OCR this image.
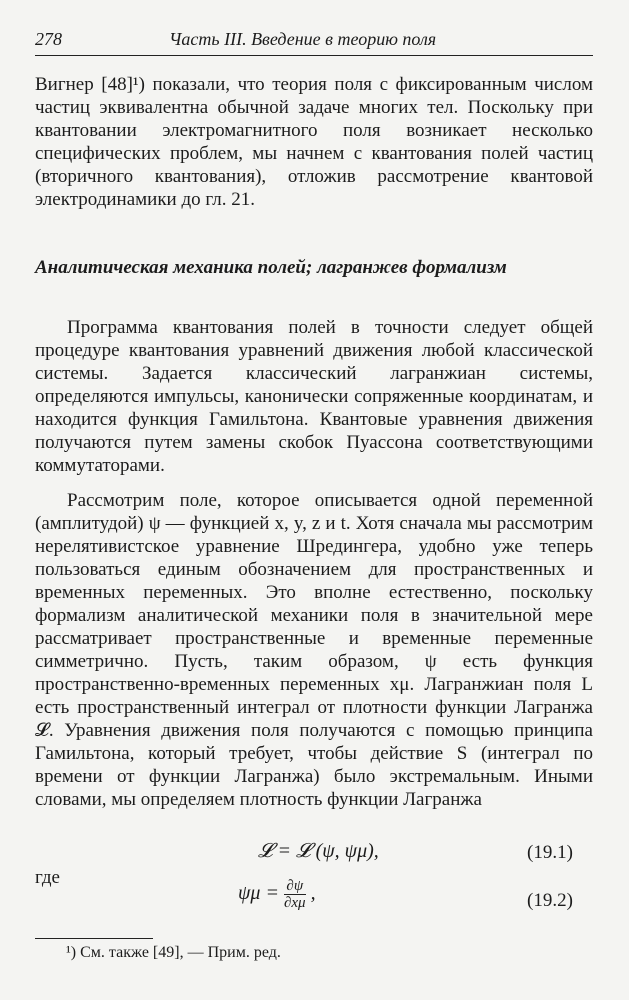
278	Часть III. Введение в теорию поля

Вигнер [48]¹) показали, что теория поля с фиксированным числом частиц эквивалентна обычной задаче многих тел. Поскольку при квантовании электромагнитного поля возникает несколько специфических проблем, мы начнем с квантования полей частиц (вторичного квантования), отложив рассмотрение квантовой электродинамики до гл. 21.

Аналитическая механика полей; лагранжев формализм

Программа квантования полей в точности следует общей процедуре квантования уравнений движения любой классической системы. Задается классический лагранжиан системы, определяются импульсы, канонически сопряженные координатам, и находится функция Гамильтона. Квантовые уравнения движения получаются путем замены скобок Пуассона соответствующими коммутаторами.

Рассмотрим поле, которое описывается одной переменной (амплитудой) ψ — функцией x, y, z и t. Хотя сначала мы рассмотрим нерелятивистское уравнение Шредингера, удобно уже теперь пользоваться единым обозначением для пространственных и временных переменных. Это вполне естественно, поскольку формализм аналитической механики поля в значительной мере рассматривает пространственные и временные переменные симметрично. Пусть, таким образом, ψ есть функция пространственно-временных переменных xμ. Лагранжиан поля L есть пространственный интеграл от плотности функции Лагранжа 𝓛. Уравнения движения поля получаются с помощью принципа Гамильтона, который требует, чтобы действие S (интеграл по времени от функции Лагранжа) было экстремальным. Иными словами, мы определяем плотность функции Лагранжа

𝓛 = 𝓛 (ψ, ψμ),	(19.1)
где
$\psi\mu = \frac{\partial\psi}{\partial x\mu}$ ,	(19.2)
¹) См. также [49], — Прим. ред.
